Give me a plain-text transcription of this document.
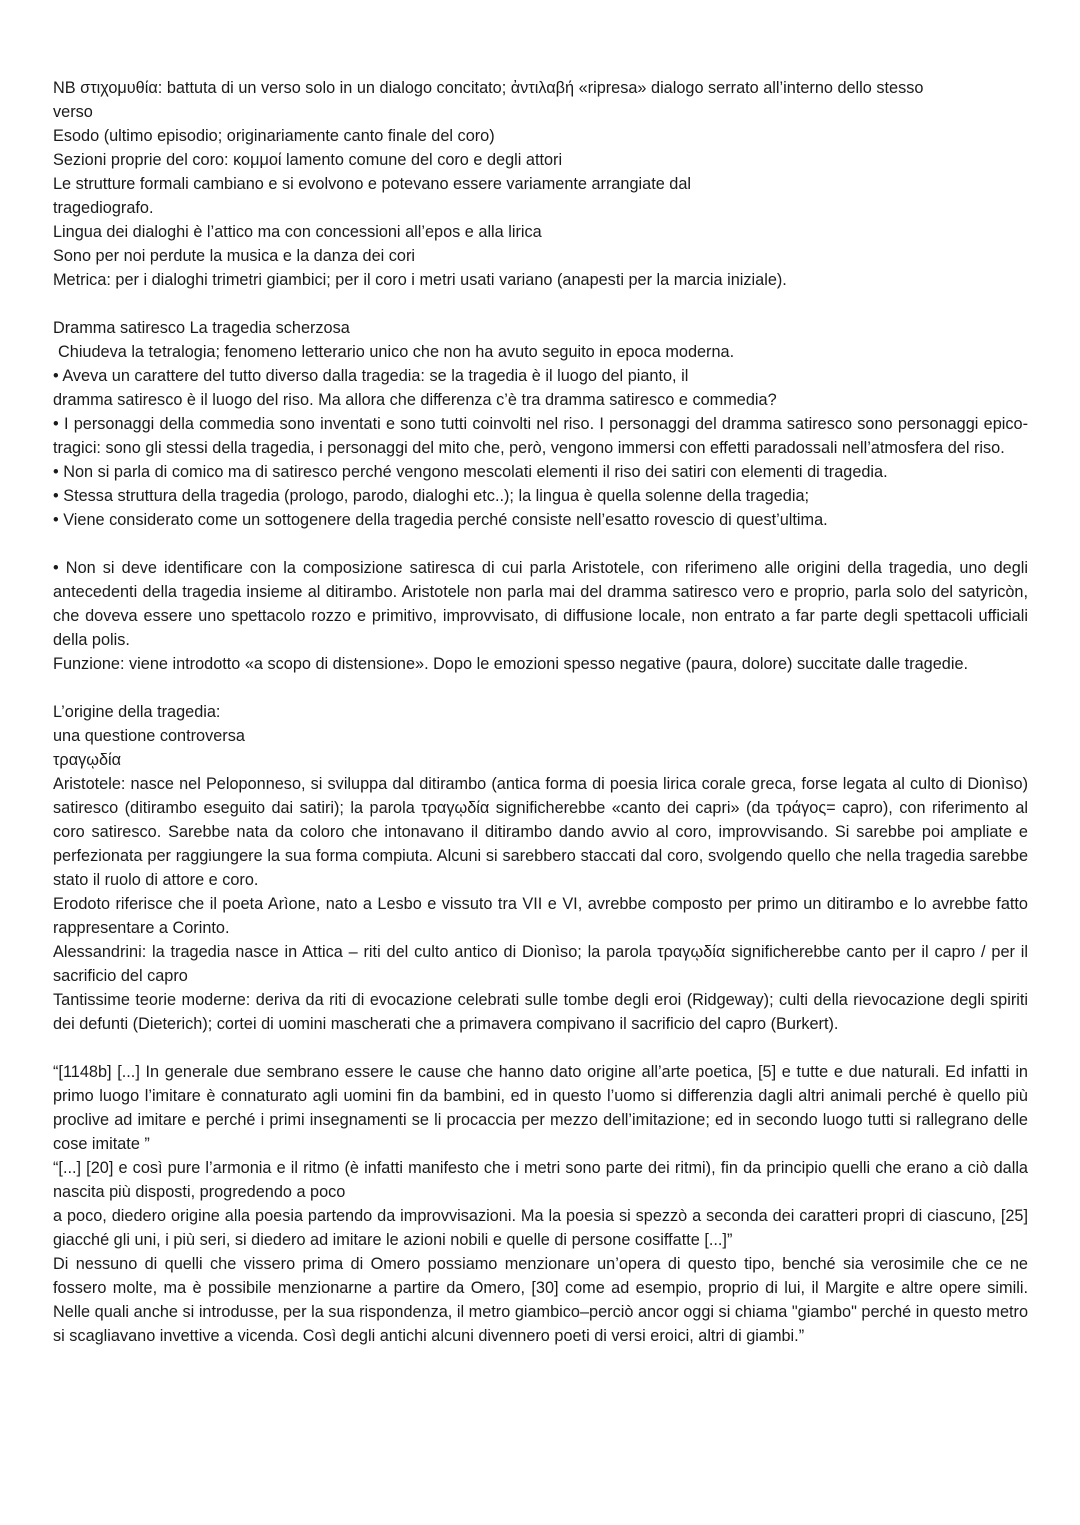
NB στιχομυθία: battuta di un verso solo in un dialogo concitato; ἀντιλαβή «ripresa» dialogo serrato all’interno dello stesso

verso

Esodo (ultimo episodio; originariamente canto finale del coro)

Sezioni proprie del coro: κομμοί lamento comune del coro e degli attori

Le strutture formali cambiano e si evolvono e potevano essere variamente arrangiate dal

tragediografo.

Lingua dei dialoghi è l’attico ma con concessioni all’epos e alla lirica

Sono per noi perdute la musica e la danza dei cori

Metrica: per i dialoghi trimetri giambici; per il coro i metri usati variano (anapesti per la marcia iniziale).

Dramma satiresco La tragedia scherzosa

Chiudeva la tetralogia; fenomeno letterario unico che non ha avuto seguito in epoca moderna.

• Aveva un carattere del tutto diverso dalla tragedia: se la tragedia è il luogo del pianto, il

dramma satiresco è il luogo del riso. Ma allora che differenza c’è tra dramma satiresco e commedia?

• I personaggi della commedia sono inventati e sono tutti coinvolti nel riso. I personaggi del dramma satiresco sono personaggi epico-tragici: sono gli stessi della tragedia, i personaggi del mito che, però, vengono immersi con effetti paradossali nell’atmosfera del riso.

• Non si parla di comico ma di satiresco perché vengono mescolati elementi il riso dei satiri con elementi di tragedia.

• Stessa struttura della tragedia (prologo, parodo, dialoghi etc..); la lingua è quella solenne della tragedia;

• Viene considerato come un sottogenere della tragedia perché consiste nell’esatto rovescio di quest’ultima.

• Non si deve identificare con la composizione satiresca di cui parla Aristotele, con riferimeno alle origini della tragedia, uno degli antecedenti della tragedia insieme al ditirambo. Aristotele non parla mai del dramma satiresco vero e proprio, parla solo del satyricòn, che doveva essere uno spettacolo rozzo e primitivo, improvvisato, di diffusione locale, non entrato a far parte degli spettacoli ufficiali della polis.

Funzione: viene introdotto «a scopo di distensione». Dopo le emozioni spesso negative (paura, dolore) succitate dalle tragedie.

L’origine della tragedia:

una questione controversa

τραγῳδία

Aristotele: nasce nel Peloponneso, si sviluppa dal ditirambo (antica forma di poesia lirica corale greca, forse legata al culto di Dionìso) satiresco (ditirambo eseguito dai satiri); la parola τραγῳδία significherebbe «canto dei capri» (da τράγος= capro), con riferimento al coro satiresco. Sarebbe nata da coloro che intonavano il ditirambo dando avvio al coro, improvvisando. Si sarebbe poi ampliate e perfezionata per raggiungere la sua forma compiuta. Alcuni si sarebbero staccati dal coro, svolgendo quello che nella tragedia sarebbe stato il ruolo di attore e coro.

Erodoto riferisce che il poeta Arìone, nato a Lesbo e vissuto tra VII e VI, avrebbe composto per primo un ditirambo e lo avrebbe fatto rappresentare a Corinto.

Alessandrini: la tragedia nasce in Attica – riti del culto antico di Dionìso; la parola τραγῳδία significherebbe canto per il capro / per il sacrificio del capro

Tantissime teorie moderne: deriva da riti di evocazione celebrati sulle tombe degli eroi (Ridgeway); culti della rievocazione degli spiriti dei defunti (Dieterich); cortei di uomini mascherati che a primavera compivano il sacrificio del capro (Burkert).

“[1148b] [...] In generale due sembrano essere le cause che hanno dato origine all’arte poetica, [5] e tutte e due naturali. Ed infatti in primo luogo l’imitare è connaturato agli uomini fin da bambini, ed in questo l’uomo si differenzia dagli altri animali perché è quello più proclive ad imitare e perché i primi insegnamenti se li procaccia per mezzo dell’imitazione; ed in secondo luogo tutti si rallegrano delle cose imitate ”

“[...] [20] e così pure l’armonia e il ritmo (è infatti manifesto che i metri sono parte dei ritmi), fin da principio quelli che erano a ciò dalla nascita più disposti, progredendo a poco

a poco, diedero origine alla poesia partendo da improvvisazioni. Ma la poesia si spezzò a seconda dei caratteri propri di ciascuno, [25] giacché gli uni, i più seri, si diedero ad imitare le azioni nobili e quelle di persone cosiffatte [...]”

Di nessuno di quelli che vissero prima di Omero possiamo menzionare un’opera di questo tipo, benché sia verosimile che ce ne fossero molte, ma è possibile menzionarne a partire da Omero, [30] come ad esempio, proprio di lui, il Margite e altre opere simili. Nelle quali anche si introdusse, per la sua rispondenza, il metro giambico–perciò ancor oggi si chiama "giambo" perché in questo metro si scagliavano invettive a vicenda. Così degli antichi alcuni divennero poeti di versi eroici, altri di giambi.”
